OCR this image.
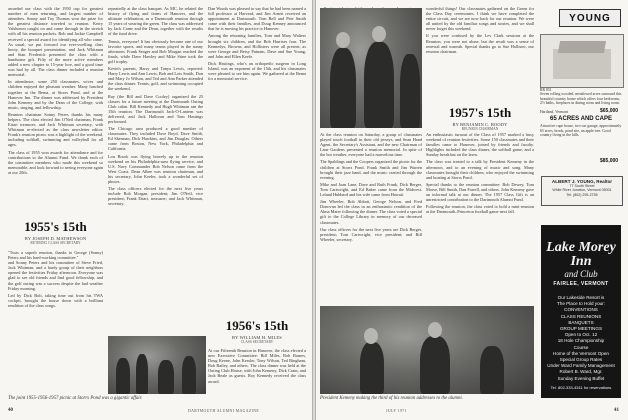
awarded our class with the 1950 cup for greatest number of men returning, and largest number of attendees. Sonny and Toy Thomas won the prize for the greatest distance traveled to reunion. Kerry Vahlstrom caught on and came through in the stretch with all his reunion packets. Bob and Jackie Campbell received a special award for identifying all who came. As usual, we put forward our ever-swelling class booty, the bouquet presentation, and Jack Whitman and Stan Frederick presented the class with a handsome gift. Fifty of the more active members added a new chapter to 15-year lore, and a good time was had by all. The class dinner included a reunion memorial.

In attendance, some 250 classmates, wives and children enjoyed the pleasant weather. Many lunched together at the Bema, at Storrs Pond, and at the Hanover Inn. The dinner was addressed by President John Kemeny and by the Dean of the College, with music, singing, and fellowship.

Reunion chairman Sonny Peters thanks his many helpers. The class elected Jim O'Neil chairman, Frank Ettari treasurer, and Jack Whitman secretary, with Whitman re-elected as the class newsletter editor. Frank's reunion picnic was a highlight of the weekend, including softball, swimming and volleyball for all ages.

The class of 1955 won awards for attendance and for contributions to the Alumni Fund. We thank each of the committee members who made this weekend so memorable, and look forward to seeing everyone again at our 20th.

1955's 15th
BY JOSEPH D. MATHEWSON
RETIRING CLASS SECRETARY

"Twas a superb reunion, thanks to George (Sonny) Peters and his hard-working committee."

and Sonny Peters and his committee of Steve Fried, Jack Whitman, and a hardy group of their neighbors opened the festivities Friday afternoon. Everyone was glad to see old friends and find good fellowship, and the golf outing was a success despite the bad weather Friday morning.

Led by Dick Bolt, taking time out from his TWA cockpit, brought the house down with a brilliant rendition of the class songs.

repeatedly at the class banquet. As MC, he related the history of flying and farms of Hanover, and the ultimate celebration, as a Dartmouth reunion through 15 years of wearing the green. The class was addressed by Jack Crane and the Dean, together with the results of the fund drive.

Tennis, everyone! It has obviously become one of our favorite sports, and many teams played in the sunny afternoon. Frank Seager and Bob Morgan reached the finals, while Dave Hawley and Mike Stine took the golf trophy.

Kevin's parents, Harry and Tanya Lewis, reported: Harry Lewis and Ann Lewis, Bob and Lois Smith, Don and Mary Jo Wilson, and Ted and Ann Parker attended the class dinner. Tennis, golf, and swimming occupied the weekend.

Ray (the Bill and Dave Cooley) organized the 25 classes for a future meeting at the Dartmouth Outing Club cabin. Bill Kennedy and Hugh Whitman ran the 15th reunion. The Dartmouth Jack-O-Lantern was delivered, and Jack Halloran and Tom Hastings performed.

The Chicago area produced a good number of classmates. They included Dave Boyd, Dave Smith, Ed Sherman, Dick Hawkins, and Jim Douglas. Others came from Boston, New York, Philadelphia and California.

Lou Brook was flying bravely up to the reunion weekend on his Philadelphia-area flying service, and U.S. Navy Commander Bob Nelson came from the West Coast. Dean Albee was reunion chairman, and his secretary, John Keeler, took a wonderful set of photos.

The class officers elected for the next five years include Bob Morgan, president; Jim O'Neil, vice president; Frank Ettari, treasurer; and Jack Whitman, secretary.

Dan Woods was pleased to say that he had been named a full professor at Harvard, and Jim Arnett received an appointment at Dartmouth. Tom Bell and Pete Smith came with their families, and Doug Kenney announced that he is moving his practice to Hanover.

Among the returning families, Tom and Mary Walters brought six children, and the Bob Harrises four. The Kennedys, Browns, and Hollisters were all present, as were George and Betsy Putnam, Dave and Sue Young, and John and Ellen Keefe.

Dick Hastings, who's an orthopedic surgeon in Long Island, was an exponent of the 15th, and his classmates were pleased to see him again. We gathered at the Bema for a memorial service.

1956's 15th
BY WILLIAM H. MILES
CLASS SECRETARY

At our Fifteenth Reunion in Hanover, the class elected a new Executive Committee: Bill Miles, Bob Barnes, Doug Keene, John Kessler, Tony Wilson, Ted Bingham, Bob Bailey, and others. The class dinner was held at the Outing Club House, with John Kemeny, Dick Crain, and Jack Beale as guests. Roy Kennedy received the class award.

The joint 1955-1956-1957 picnic at Storrs Pond was a gigantic affair.
40	DARTMOUTH ALUMNI MAGAZINE

At the class reunion on Saturday, a group of classmates played touch football in their old jerseys, and Sean Hand Agent, the Secretary's Assistant, and the new Chairman of Lane Gardens presented a reunion memorial. In spite of the hot weather, everyone had a marvelous time.

The Spaldings and the Coopers organized the picnic for the children at Storrs Pond. Frank Smith and Jim Warren brought their jazz band, and the music carried through the evening.

Mike and Joan Lane, Dave and Ruth Frank, Dick Berger, Tom Cartwright, and Ed Baker came from the Midwest. Leland Hubbard and his wife came from Hawaii.

Jim Wheeler, Bob Abbott, George Nelson, and Fred Donovan led the class in an enthusiastic rendition of the Alma Mater following the dinner. The class voted a special gift to the College Library in memory of our deceased classmates.

Our class officers for the next five years are Dick Berger, president; Tom Cartwright, vice president; and Bill Wheeler, secretary.

wonderful things! Our classmates gathered on the Green for the Class Day ceremonies. I think we have completed the entire circuit, and we are now back for our reunion. We were all united by the old familiar songs and stories, and we shall never forget this weekend.

If you were confused by the Lev Clark sessions at the Reunion, you were not alone, but the result was a sense of renewal and warmth. Special thanks go to Sue Hollister, our reunion chairman.

1957's 15th
BY BENJAMIN C. BOODY
REUNION CHAIRMAN

An enthusiastic turnout of the Class of 1957 marked a busy weekend of reunion festivities. Some 150 classmates and their families came to Hanover, joined by friends and faculty. Highlights included the class dinner, the softball game, and a Sunday breakfast on the lawn.

The class was treated to a talk by President Kemeny in the afternoon, and to an evening of music and song. Many classmates brought their children, who enjoyed the swimming and boating at Storrs Pond.

Special thanks to the reunion committee: Bob Dewey, Tom Morse, Bill Smith, Dan Farrell, and others. John Kemeny gave an informal talk at our dinner. The 1957 Class Gift is an unrestricted contribution to the Dartmouth Alumni Fund.

Following the reunion, the class voted to hold a mini-reunion at the Dartmouth–Princeton football game next fall.

President Kemeny making the third of his reunion addresses to the alumni.
41
JULY 1971
YOUNG
RR 851
Seven rolling wooded, meadowed acres surround this beautiful country house which offers four bedrooms, 2½ baths, fireplaces in dining room and living room.
Hartland, Vermont	$65,000
65 ACRES AND CAPE
Attractive cape house, two-car garage, approximately 65 acres, brook, pond site, an apple tree. Good country living in the hills.
$85,000
ALBERT J. YOUNG, Realtor
77 South Street
White River Junction, Vermont 05001
Tel. (802) 295-2755
Lake Morey Inn
and Club
FAIRLEE, VERMONT
Our Lakeside Resort is
The Place to Hold your:
CONVENTIONS
CLASS REUNIONS
BANQUETS
GROUP MEETINGS
Open to Oct. 12
18 Hole Championship
Course
Home of the Vermont Open
Special Group Rates
Under Ward Family Management
Robert B. Ward, Mgr.
Sunday Evening Buffet
Tel. 802-333-4311 for reservations
